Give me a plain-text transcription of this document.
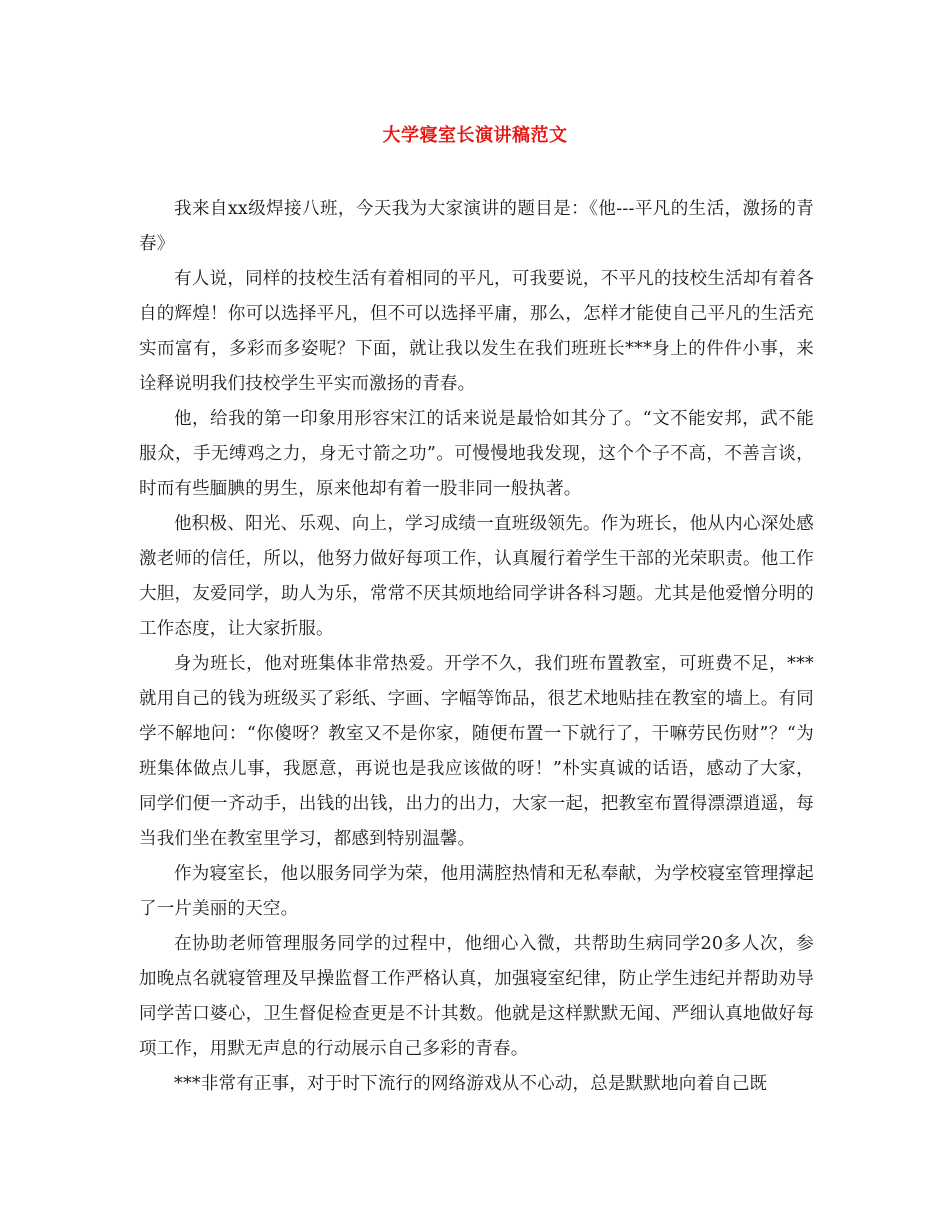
大学寝室长演讲稿范文

我来自xx级焊接八班，今天我为大家演讲的题目是：《他---平凡的生活，激扬的青春》

有人说，同样的技校生活有着相同的平凡，可我要说，不平凡的技校生活却有着各自的辉煌！你可以选择平凡，但不可以选择平庸，那么，怎样才能使自己平凡的生活充实而富有，多彩而多姿呢？下面，就让我以发生在我们班班长***身上的件件小事，来诠释说明我们技校学生平实而激扬的青春。

他，给我的第一印象用形容宋江的话来说是最恰如其分了。“文不能安邦，武不能服众，手无缚鸡之力，身无寸箭之功”。可慢慢地我发现，这个个子不高，不善言谈，时而有些腼腆的男生，原来他却有着一股非同一般执著。

他积极、阳光、乐观、向上，学习成绩一直班级领先。作为班长，他从内心深处感激老师的信任，所以，他努力做好每项工作，认真履行着学生干部的光荣职责。他工作大胆，友爱同学，助人为乐，常常不厌其烦地给同学讲各科习题。尤其是他爱憎分明的工作态度，让大家折服。

身为班长，他对班集体非常热爱。开学不久，我们班布置教室，可班费不足，***就用自己的钱为班级买了彩纸、字画、字幅等饰品，很艺术地贴挂在教室的墙上。有同学不解地问：“你傻呀？教室又不是你家，随便布置一下就行了，干嘛劳民伤财”？“为班集体做点儿事，我愿意，再说也是我应该做的呀！”朴实真诚的话语，感动了大家，同学们便一齐动手，出钱的出钱，出力的出力，大家一起，把教室布置得漂漂逍遥，每当我们坐在教室里学习，都感到特别温馨。

作为寝室长，他以服务同学为荣，他用满腔热情和无私奉献，为学校寝室管理撑起了一片美丽的天空。

在协助老师管理服务同学的过程中，他细心入微，共帮助生病同学20多人次，参加晚点名就寝管理及早操监督工作严格认真，加强寝室纪律，防止学生违纪并帮助劝导同学苦口婆心，卫生督促检查更是不计其数。他就是这样默默无闻、严细认真地做好每项工作，用默无声息的行动展示自己多彩的青春。

***非常有正事，对于时下流行的网络游戏从不心动，总是默默地向着自己既
